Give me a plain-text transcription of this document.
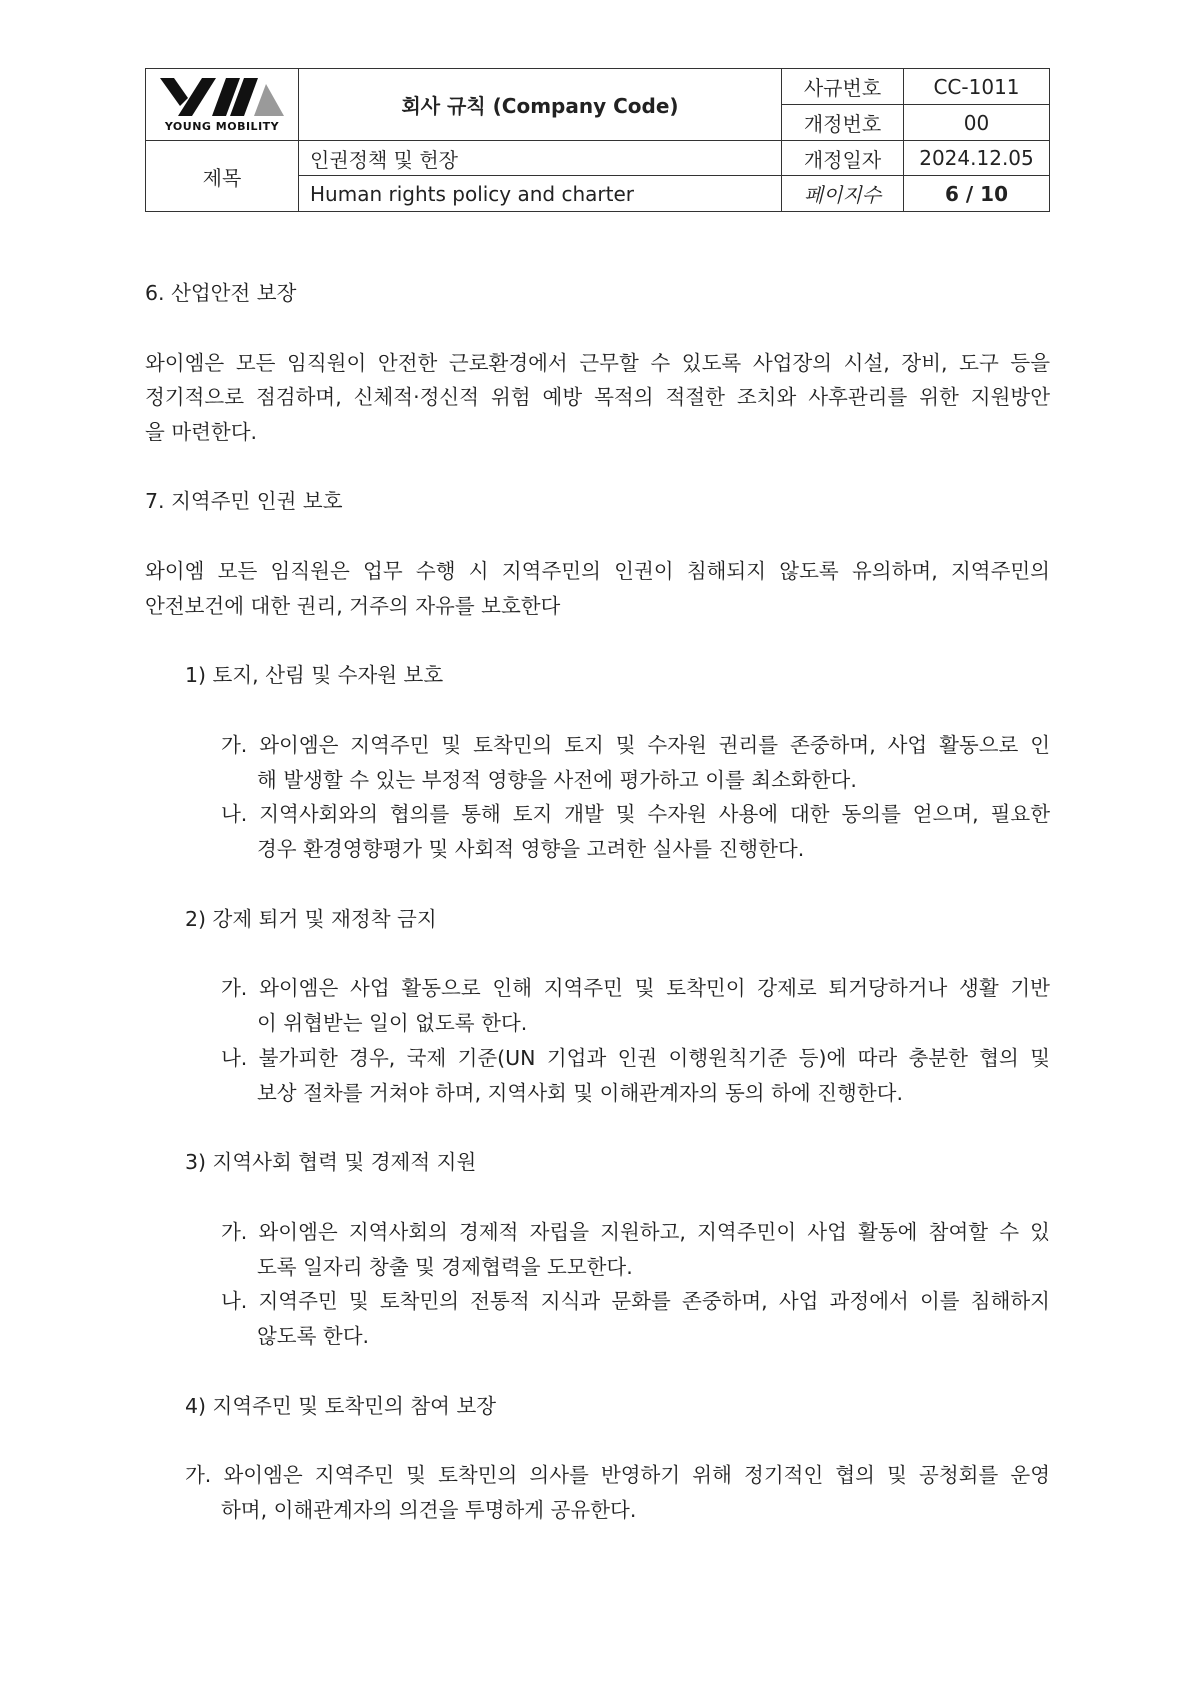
YOUNG MOBILITY	회사 규칙 (Company Code)	사규번호	CC-1011
		개정번호	00
제목	인권정책 및 헌장	개정일자	2024.12.05
	Human rights policy and charter	페이지수	6 / 10
6. 산업안전 보장
와이엠은 모든 임직원이 안전한 근로환경에서 근무할 수 있도록 사업장의 시설, 장비, 도구 등을
정기적으로 점검하며, 신체적·정신적 위험 예방 목적의 적절한 조치와 사후관리를 위한 지원방안
을 마련한다.
7. 지역주민 인권 보호
와이엠 모든 임직원은 업무 수행 시 지역주민의 인권이 침해되지 않도록 유의하며, 지역주민의
안전보건에 대한 권리, 거주의 자유를 보호한다
1) 토지, 산림 및 수자원 보호
가. 와이엠은 지역주민 및 토착민의 토지 및 수자원 권리를 존중하며, 사업 활동으로 인
해 발생할 수 있는 부정적 영향을 사전에 평가하고 이를 최소화한다.
나. 지역사회와의 협의를 통해 토지 개발 및 수자원 사용에 대한 동의를 얻으며, 필요한
경우 환경영향평가 및 사회적 영향을 고려한 실사를 진행한다.
2) 강제 퇴거 및 재정착 금지
가. 와이엠은 사업 활동으로 인해 지역주민 및 토착민이 강제로 퇴거당하거나 생활 기반
이 위협받는 일이 없도록 한다.
나. 불가피한 경우, 국제 기준(UN 기업과 인권 이행원칙기준 등)에 따라 충분한 협의 및
보상 절차를 거쳐야 하며, 지역사회 및 이해관계자의 동의 하에 진행한다.
3) 지역사회 협력 및 경제적 지원
가. 와이엠은 지역사회의 경제적 자립을 지원하고, 지역주민이 사업 활동에 참여할 수 있
도록 일자리 창출 및 경제협력을 도모한다.
나. 지역주민 및 토착민의 전통적 지식과 문화를 존중하며, 사업 과정에서 이를 침해하지
않도록 한다.
4) 지역주민 및 토착민의 참여 보장
가. 와이엠은 지역주민 및 토착민의 의사를 반영하기 위해 정기적인 협의 및 공청회를 운영
하며, 이해관계자의 의견을 투명하게 공유한다.
